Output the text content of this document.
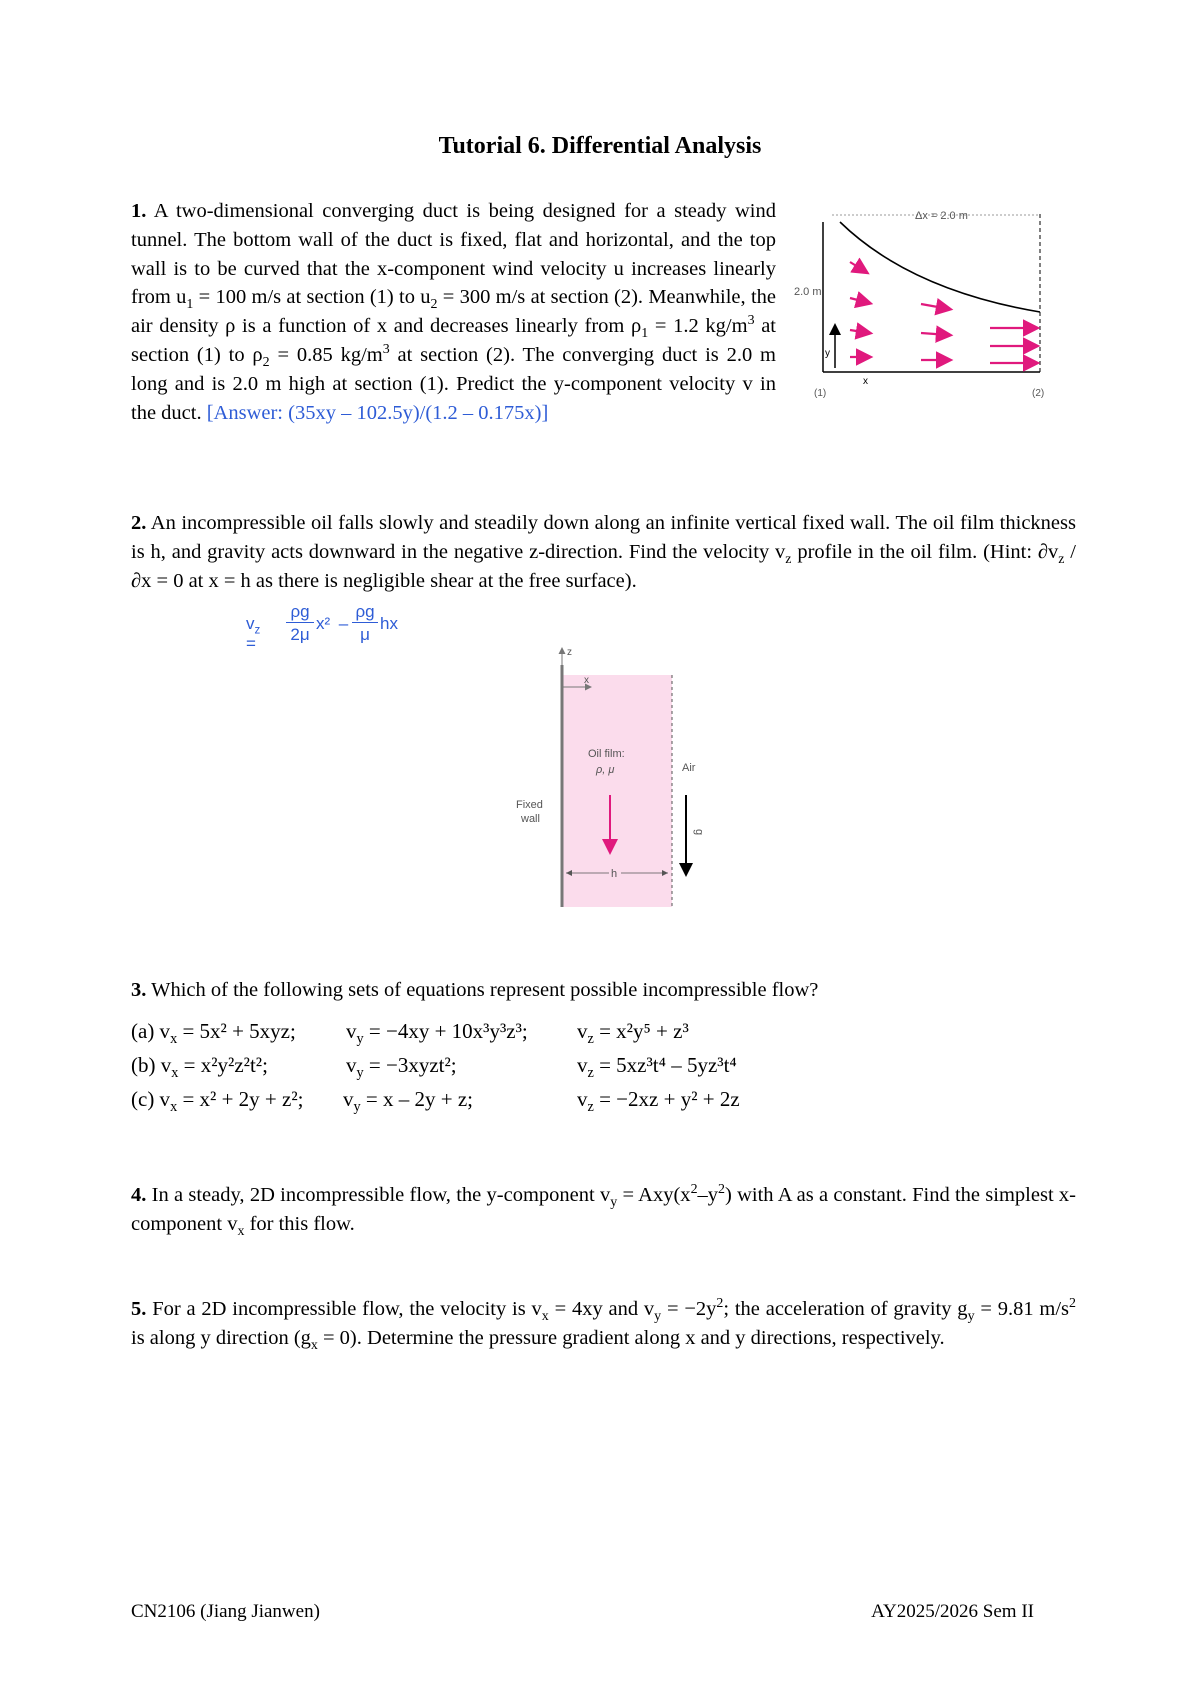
Tutorial 6. Differential Analysis

1. A two-dimensional converging duct is being designed for a steady wind tunnel. The bottom wall of the duct is fixed, flat and horizontal, and the top wall is to be curved that the x-component wind velocity u increases linearly from $u_1 = 100$ m/s at section (1) to $u_2 = 300$ m/s at section (2). Meanwhile, the air density ρ is a function of x and decreases linearly from $\rho_1 = 1.2$ $kg/m^3$ at section (1) to $\rho_2 = 0.85$ $kg/m^3$ at section (2). The converging duct is 2.0 m long and is 2.0 m high at section (1). Predict the y-component velocity v in the duct. [Answer: (35xy – 102.5y)/(1.2 – 0.175x)]

Δx = 2.0 m
2.0 m
y
x
(1)	(2)

2. An incompressible oil falls slowly and steadily down along an infinite vertical fixed wall. The oil film thickness is h, and gravity acts downward in the negative z-direction. Find the velocity $v_z$ profile in the oil film. (Hint: $\partial v_z$ /∂x = 0 at x = h as there is negligible shear at the free surface).

$v_z$ =
ρg
2μ
x² –
ρg
μ
hx
z
x
Oil film:
ρ, μ	Air
Fixed
wall
h
g

3. Which of the following sets of equations represent possible incompressible flow?

(a) $v_x = 5x^2 + 5xyz$; $v_y = -4xy + 10x^3y^3z^3$; $v_z = x^2y^5 + z^3$
(b) $v_x = x^2y^2z^2t^2$;	$v_y$ = −3xyzt²;	$v_z = 5xz^3t^4 - 5yz^3t^4$
(c) $v_x = x^2 + 2y + z^2$; $v_y = x - 2y + z$;	$v_z = -2xz + y^2 + 2z$

4. In a steady, 2D incompressible flow, the y-component $v_y = Axy(x^2-y^2)$ with A as a constant. Find the simplest x-component $v_x$ for this flow.

5. For a 2D incompressible flow, the velocity is $v_x = 4xy$ and $v_y = -2y^2$; the acceleration of gravity $g_y = 9.81$ $m/s^2$ is along y direction $(g_x = 0)$. Determine the pressure gradient along x and y directions, respectively.

CN2106 (Jiang Jianwen)	AY2025/2026 Sem II
